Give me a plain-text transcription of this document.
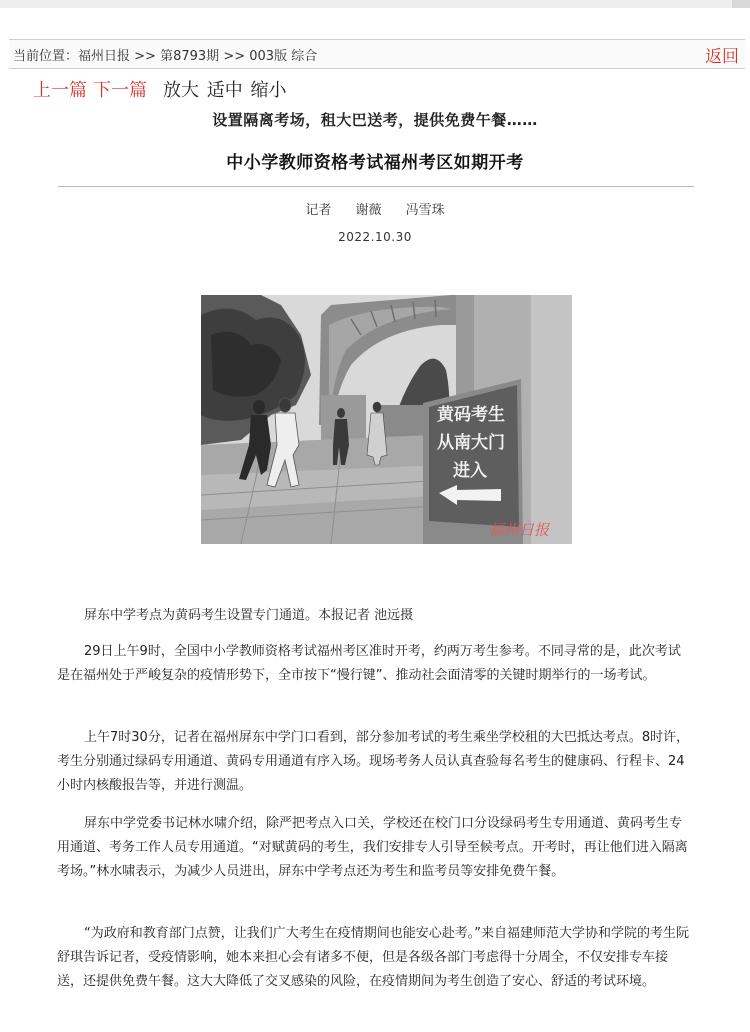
当前位置：福州日报 >> 第8793期 >> 003版 综合	返回
上一篇 下一篇 放大 适中 缩小
设置隔离考场，租大巴送考，提供免费午餐……
中小学教师资格考试福州考区如期开考
记者 谢薇 冯雪珠
2022.10.30
黄码考生
从南大门
进入
福州日报
屏东中学考点为黄码考生设置专门通道。本报记者 池远摄

29日上午9时，全国中小学教师资格考试福州考区准时开考，约两万考生参考。不同寻常的是，此次考试是在福州处于严峻复杂的疫情形势下，全市按下“慢行键”、推动社会面清零的关键时期举行的一场考试。

上午7时30分，记者在福州屏东中学门口看到，部分参加考试的考生乘坐学校租的大巴抵达考点。8时许，考生分别通过绿码专用通道、黄码专用通道有序入场。现场考务人员认真查验每名考生的健康码、行程卡、24小时内核酸报告等，并进行测温。

屏东中学党委书记林水啸介绍，除严把考点入口关，学校还在校门口分设绿码考生专用通道、黄码考生专用通道、考务工作人员专用通道。“对赋黄码的考生，我们安排专人引导至候考点。开考时，再让他们进入隔离考场。”林水啸表示，为减少人员进出，屏东中学考点还为考生和监考员等安排免费午餐。

“为政府和教育部门点赞，让我们广大考生在疫情期间也能安心赴考。”来自福建师范大学协和学院的考生阮舒琪告诉记者，受疫情影响，她本来担心会有诸多不便，但是各级各部门考虑得十分周全，不仅安排专车接送，还提供免费午餐。这大大降低了交叉感染的风险，在疫情期间为考生创造了安心、舒适的考试环境。
